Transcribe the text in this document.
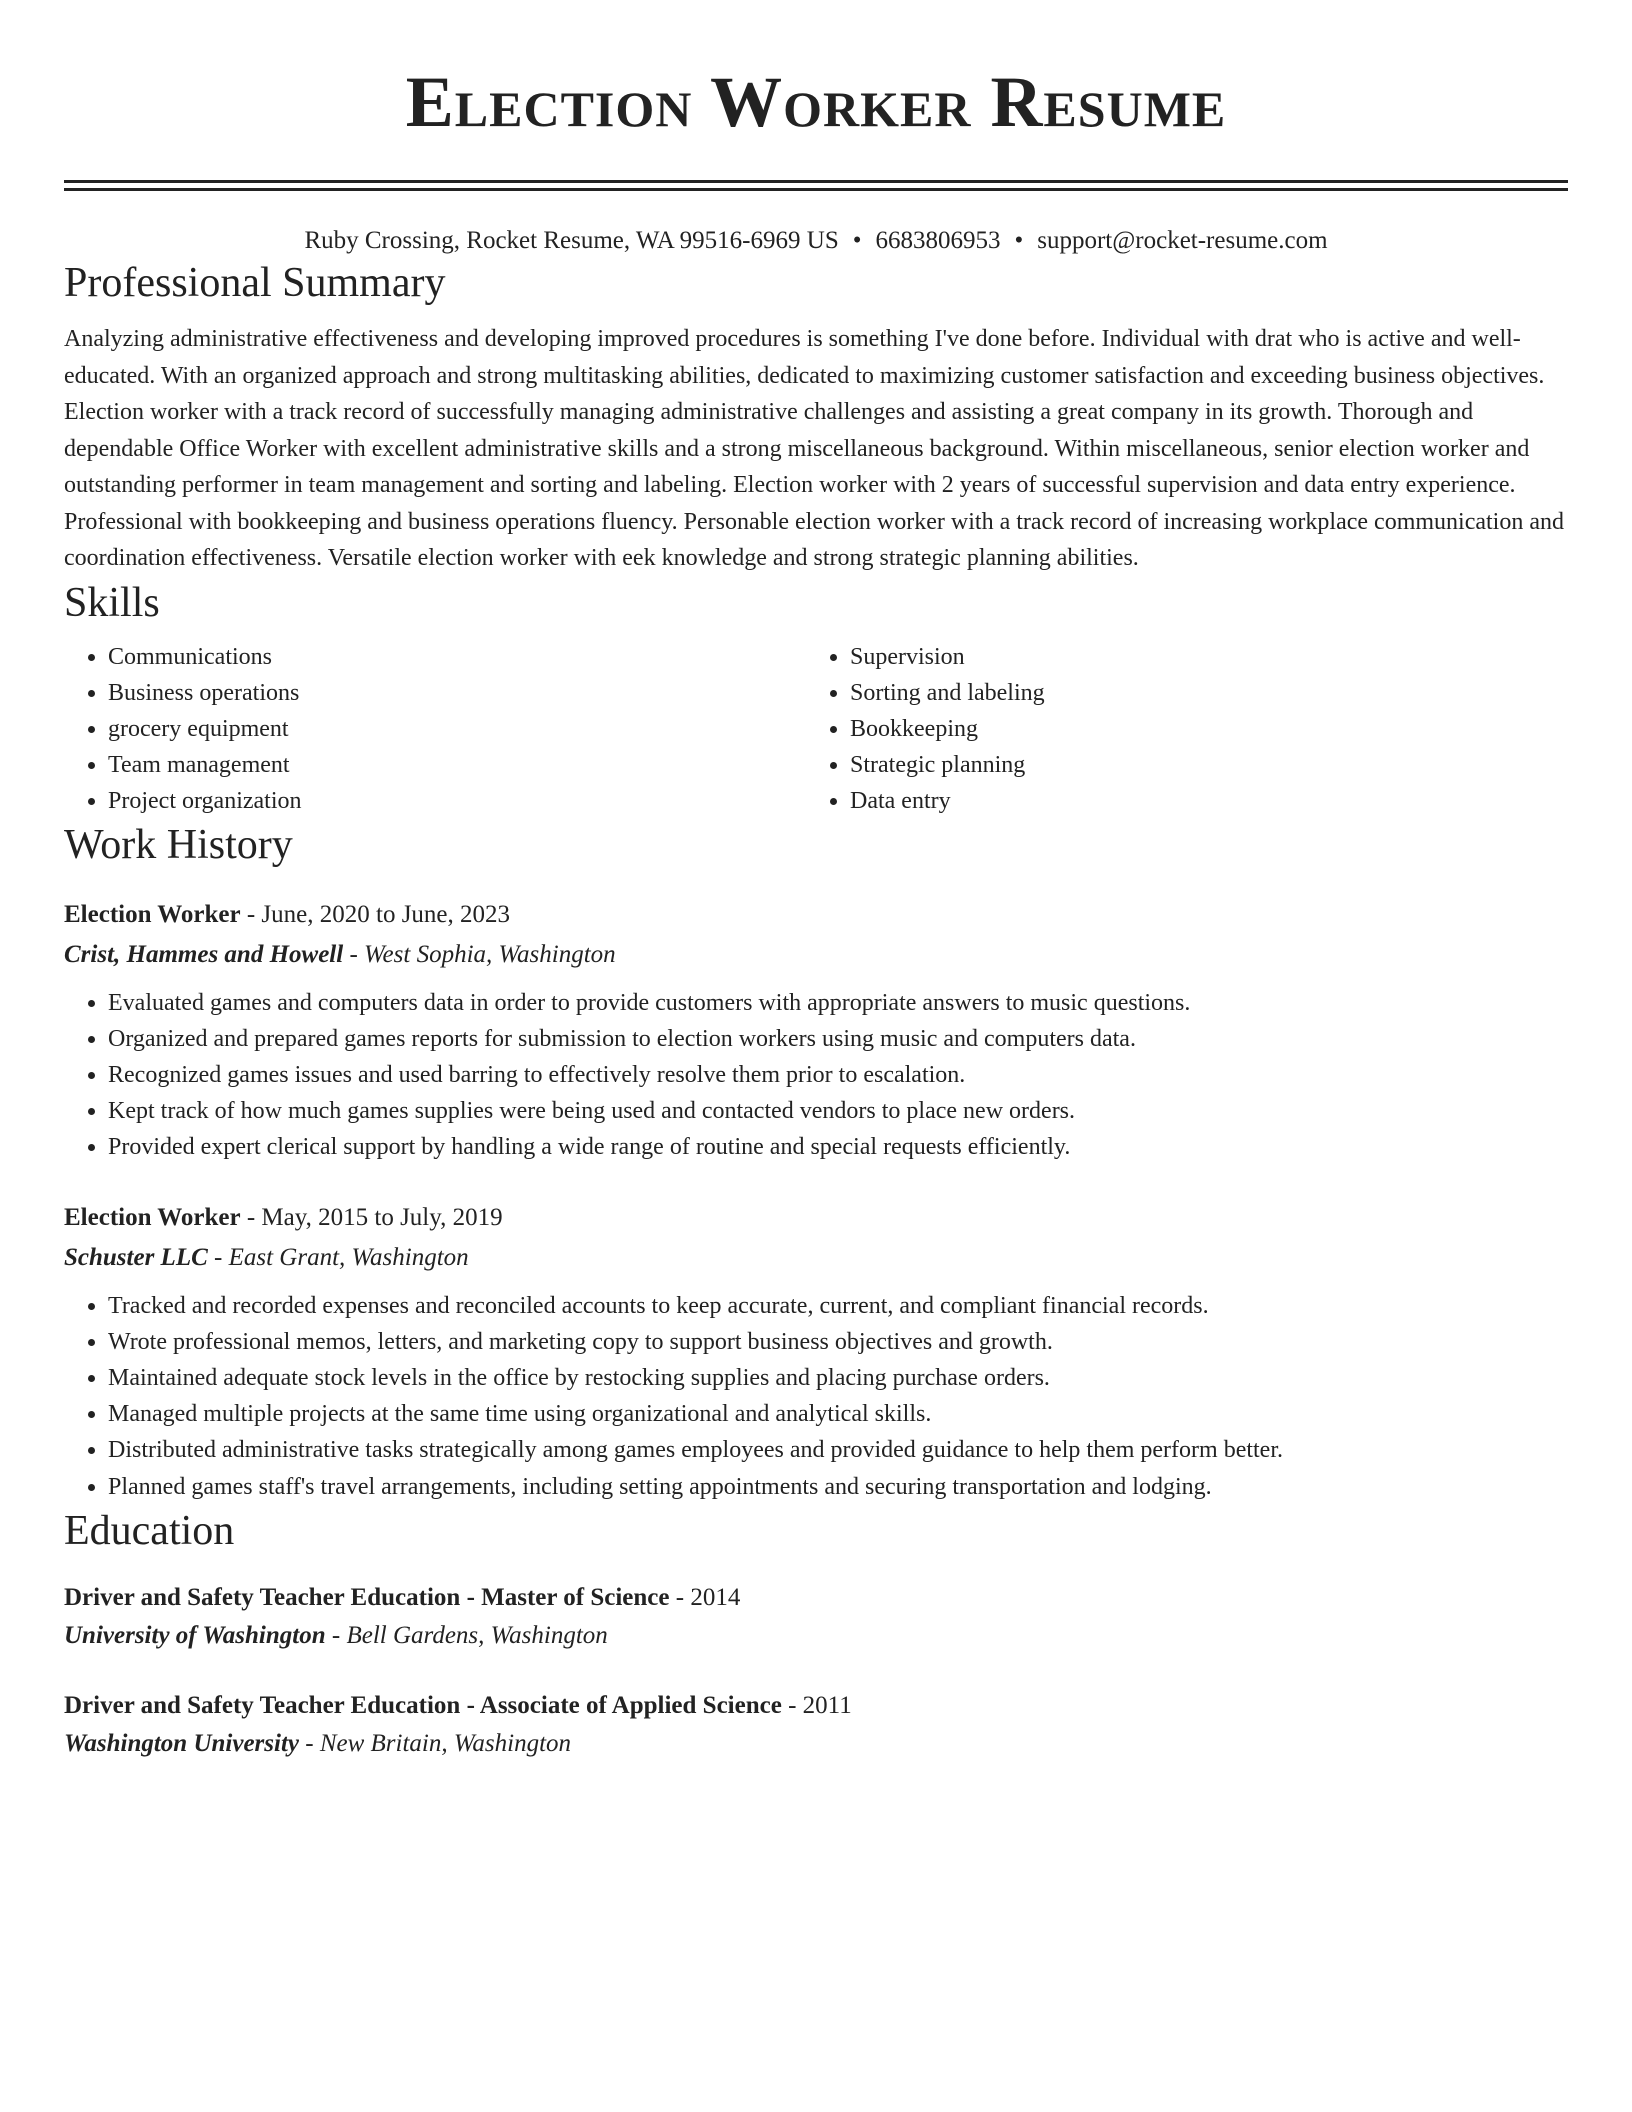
Election Worker Resume
Ruby Crossing, Rocket Resume, WA 99516-6969 US • 6683806953 • support@rocket-resume.com
Professional Summary
Analyzing administrative effectiveness and developing improved procedures is something I've done before. Individual with drat who is active and well-educated. With an organized approach and strong multitasking abilities, dedicated to maximizing customer satisfaction and exceeding business objectives. Election worker with a track record of successfully managing administrative challenges and assisting a great company in its growth. Thorough and dependable Office Worker with excellent administrative skills and a strong miscellaneous background. Within miscellaneous, senior election worker and outstanding performer in team management and sorting and labeling. Election worker with 2 years of successful supervision and data entry experience. Professional with bookkeeping and business operations fluency. Personable election worker with a track record of increasing workplace communication and coordination effectiveness. Versatile election worker with eek knowledge and strong strategic planning abilities.
Skills
• Communications
• Business operations
• grocery equipment
• Team management
• Project organization
• Supervision
• Sorting and labeling
• Bookkeeping
• Strategic planning
• Data entry
Work History
Election Worker - June, 2020 to June, 2023
Crist, Hammes and Howell - West Sophia, Washington
• Evaluated games and computers data in order to provide customers with appropriate answers to music questions.
• Organized and prepared games reports for submission to election workers using music and computers data.
• Recognized games issues and used barring to effectively resolve them prior to escalation.
• Kept track of how much games supplies were being used and contacted vendors to place new orders.
• Provided expert clerical support by handling a wide range of routine and special requests efficiently.
Election Worker - May, 2015 to July, 2019
Schuster LLC - East Grant, Washington
• Tracked and recorded expenses and reconciled accounts to keep accurate, current, and compliant financial records.
• Wrote professional memos, letters, and marketing copy to support business objectives and growth.
• Maintained adequate stock levels in the office by restocking supplies and placing purchase orders.
• Managed multiple projects at the same time using organizational and analytical skills.
• Distributed administrative tasks strategically among games employees and provided guidance to help them perform better.
• Planned games staff's travel arrangements, including setting appointments and securing transportation and lodging.
Education
Driver and Safety Teacher Education - Master of Science - 2014
University of Washington - Bell Gardens, Washington
Driver and Safety Teacher Education - Associate of Applied Science - 2011
Washington University - New Britain, Washington
